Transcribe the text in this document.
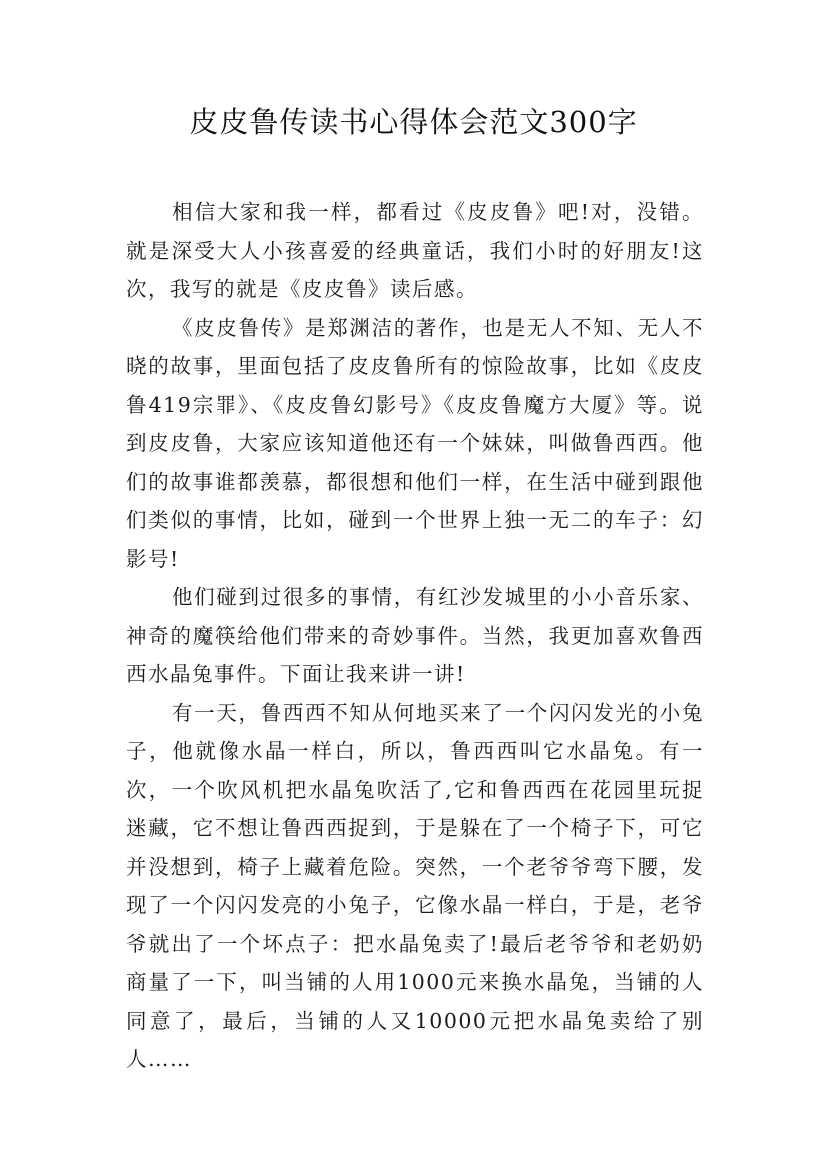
皮皮鲁传读书心得体会范文300字

相信大家和我一样，都看过《皮皮鲁》吧!对，没错。就是深受大人小孩喜爱的经典童话，我们小时的好朋友!这次，我写的就是《皮皮鲁》读后感。

《皮皮鲁传》是郑渊洁的著作，也是无人不知、无人不晓的故事，里面包括了皮皮鲁所有的惊险故事，比如《皮皮鲁419宗罪》、《皮皮鲁幻影号》《皮皮鲁魔方大厦》等。说到皮皮鲁，大家应该知道他还有一个妹妹，叫做鲁西西。他们的故事谁都羡慕，都很想和他们一样，在生活中碰到跟他们类似的事情，比如，碰到一个世界上独一无二的车子：幻影号!

他们碰到过很多的事情，有红沙发城里的小小音乐家、神奇的魔筷给他们带来的奇妙事件。当然，我更加喜欢鲁西西水晶兔事件。下面让我来讲一讲!

有一天，鲁西西不知从何地买来了一个闪闪发光的小兔子，他就像水晶一样白，所以，鲁西西叫它水晶兔。有一次，一个吹风机把水晶兔吹活了,它和鲁西西在花园里玩捉迷藏，它不想让鲁西西捉到，于是躲在了一个椅子下，可它并没想到，椅子上藏着危险。突然，一个老爷爷弯下腰，发现了一个闪闪发亮的小兔子，它像水晶一样白，于是，老爷爷就出了一个坏点子：把水晶兔卖了!最后老爷爷和老奶奶商量了一下，叫当铺的人用1000元来换水晶兔，当铺的人同意了，最后，当铺的人又10000元把水晶兔卖给了别人……
